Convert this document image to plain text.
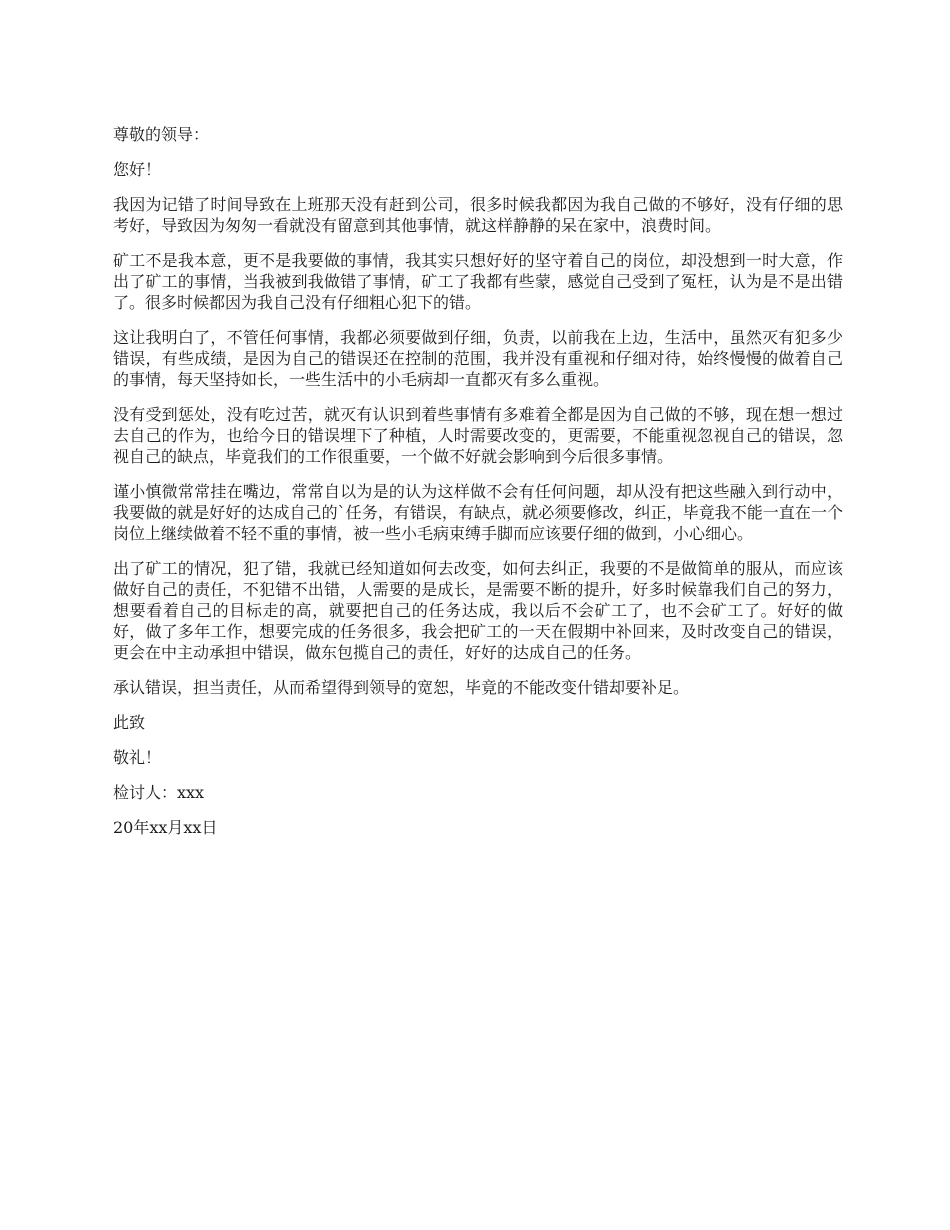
尊敬的领导：

您好！

我因为记错了时间导致在上班那天没有赶到公司，很多时候我都因为我自己做的不够好，没有仔细的思考好，导致因为匆匆一看就没有留意到其他事情，就这样静静的呆在家中，浪费时间。

矿工不是我本意，更不是我要做的事情，我其实只想好好的坚守着自己的岗位，却没想到一时大意，作出了矿工的事情，当我被到我做错了事情，矿工了我都有些蒙，感觉自己受到了冤枉，认为是不是出错了。很多时候都因为我自己没有仔细粗心犯下的错。

这让我明白了，不管任何事情，我都必须要做到仔细，负责，以前我在上边，生活中，虽然灭有犯多少错误，有些成绩，是因为自己的错误还在控制的范围，我并没有重视和仔细对待，始终慢慢的做着自己的事情，每天坚持如长，一些生活中的小毛病却一直都灭有多么重视。

没有受到惩处，没有吃过苦，就灭有认识到着些事情有多难着全都是因为自己做的不够，现在想一想过去自己的作为，也给今日的错误埋下了种植，人时需要改变的，更需要，不能重视忽视自己的错误，忽视自己的缺点，毕竟我们的工作很重要，一个做不好就会影响到今后很多事情。

谨小慎微常常挂在嘴边，常常自以为是的认为这样做不会有任何问题，却从没有把这些融入到行动中，我要做的就是好好的达成自己的`任务，有错误，有缺点，就必须要修改，纠正，毕竟我不能一直在一个岗位上继续做着不轻不重的事情，被一些小毛病束缚手脚而应该要仔细的做到，小心细心。

出了矿工的情况，犯了错，我就已经知道如何去改变，如何去纠正，我要的不是做简单的服从，而应该做好自己的责任，不犯错不出错，人需要的是成长，是需要不断的提升，好多时候靠我们自己的努力，想要看着自己的目标走的高，就要把自己的任务达成，我以后不会矿工了，也不会矿工了。好好的做好，做了多年工作，想要完成的任务很多，我会把矿工的一天在假期中补回来，及时改变自己的错误，更会在中主动承担中错误，做东包揽自己的责任，好好的达成自己的任务。

承认错误，担当责任，从而希望得到领导的宽恕，毕竟的不能改变什错却要补足。

此致

敬礼！

检讨人：xxx

20年xx月xx日
